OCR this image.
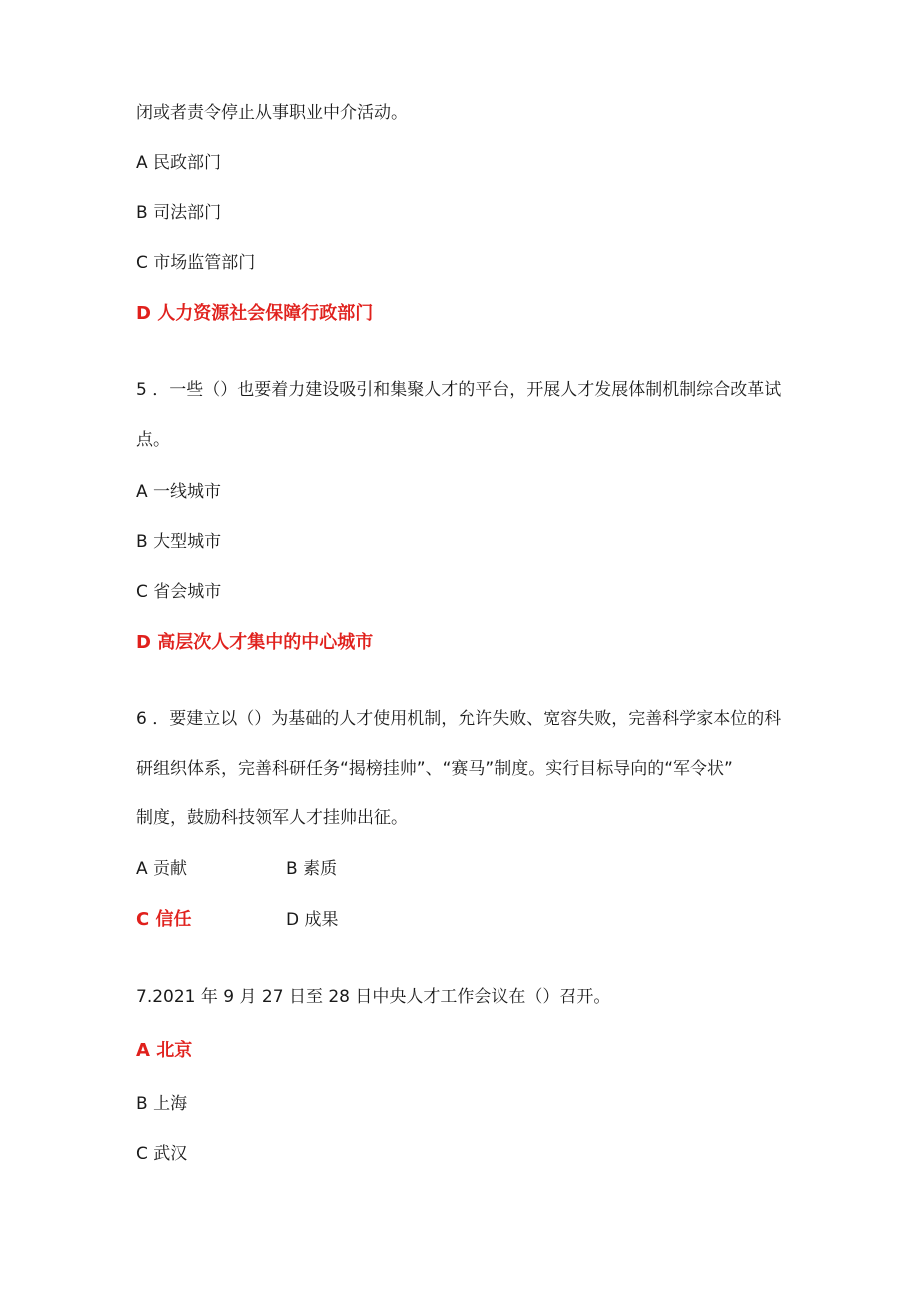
闭或者责令停止从事职业中介活动。

A 民政部门

B 司法部门

C 市场监管部门

D 人力资源社会保障行政部门

5 ．一些（）也要着力建设吸引和集聚人才的平台，开展人才发展体制机制综合改革试

点。

A 一线城市

B 大型城市

C 省会城市

D 高层次人才集中的中心城市

6 ．要建立以（）为基础的人才使用机制，允许失败、宽容失败，完善科学家本位的科

研组织体系，完善科研任务“揭榜挂帅”、“赛马”制度。实行目标导向的“军令状”

制度，鼓励科技领军人才挂帅出征。

A 贡献	B 素质

C 信任	D 成果

7.2021 年 9 月 27 日至 28 日中央人才工作会议在（）召开。

A 北京

B 上海

C 武汉
